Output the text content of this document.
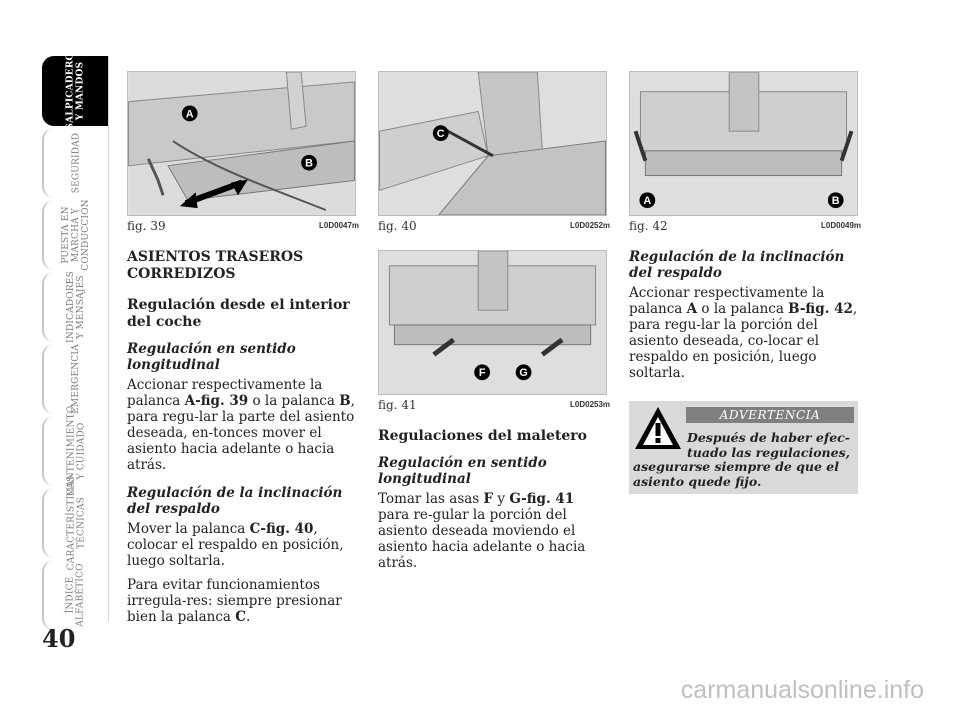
SALPICADERO
Y MANDOS
SEGURIDAD
PUESTA EN
MARCHA Y
CONDUCCIÓN
INDICADORES
Y MENSAJES
EMERGENCIA
MANTENIMIENTO
Y CUIDADO
CARACTERÍSTICAS
TÉCNICAS
ÍNDICE
ALFABÉTICO
40
A
B
fig. 39	L0D0047m
C
fig. 40	L0D0252m
F	G
fig. 41	L0D0253m
A	B
fig. 42	L0D0049m
ASIENTOS TRASEROS CORREDIZOS
Regulación desde el interior del coche
Regulación en sentido longitudinal

Accionar respectivamente la palanca A-fig. 39 o la palanca B, para regu-lar la parte del asiento deseada, en-tonces mover el asiento hacia adelante o hacia atrás.

Regulación de la inclinación del respaldo

Mover la palanca C-fig. 40, colocar el respaldo en posición, luego soltarla.

Para evitar funcionamientos irregula-res: siempre presionar bien la palanca C.

Regulaciones del maletero
Regulación en sentido longitudinal

Tomar las asas F y G-fig. 41 para re-gular la porción del asiento deseada moviendo el asiento hacia adelante o hacia atrás.

Regulación de la inclinación del respaldo

Accionar respectivamente la palanca A o la palanca B-fig. 42, para regu-lar la porción del asiento deseada, co-locar el respaldo en posición, luego soltarla.

ADVERTENCIA
Después de haber efec-tuado las regulaciones,
asegurarse siempre de que el asiento quede fijo.
carmanualsonline.info
